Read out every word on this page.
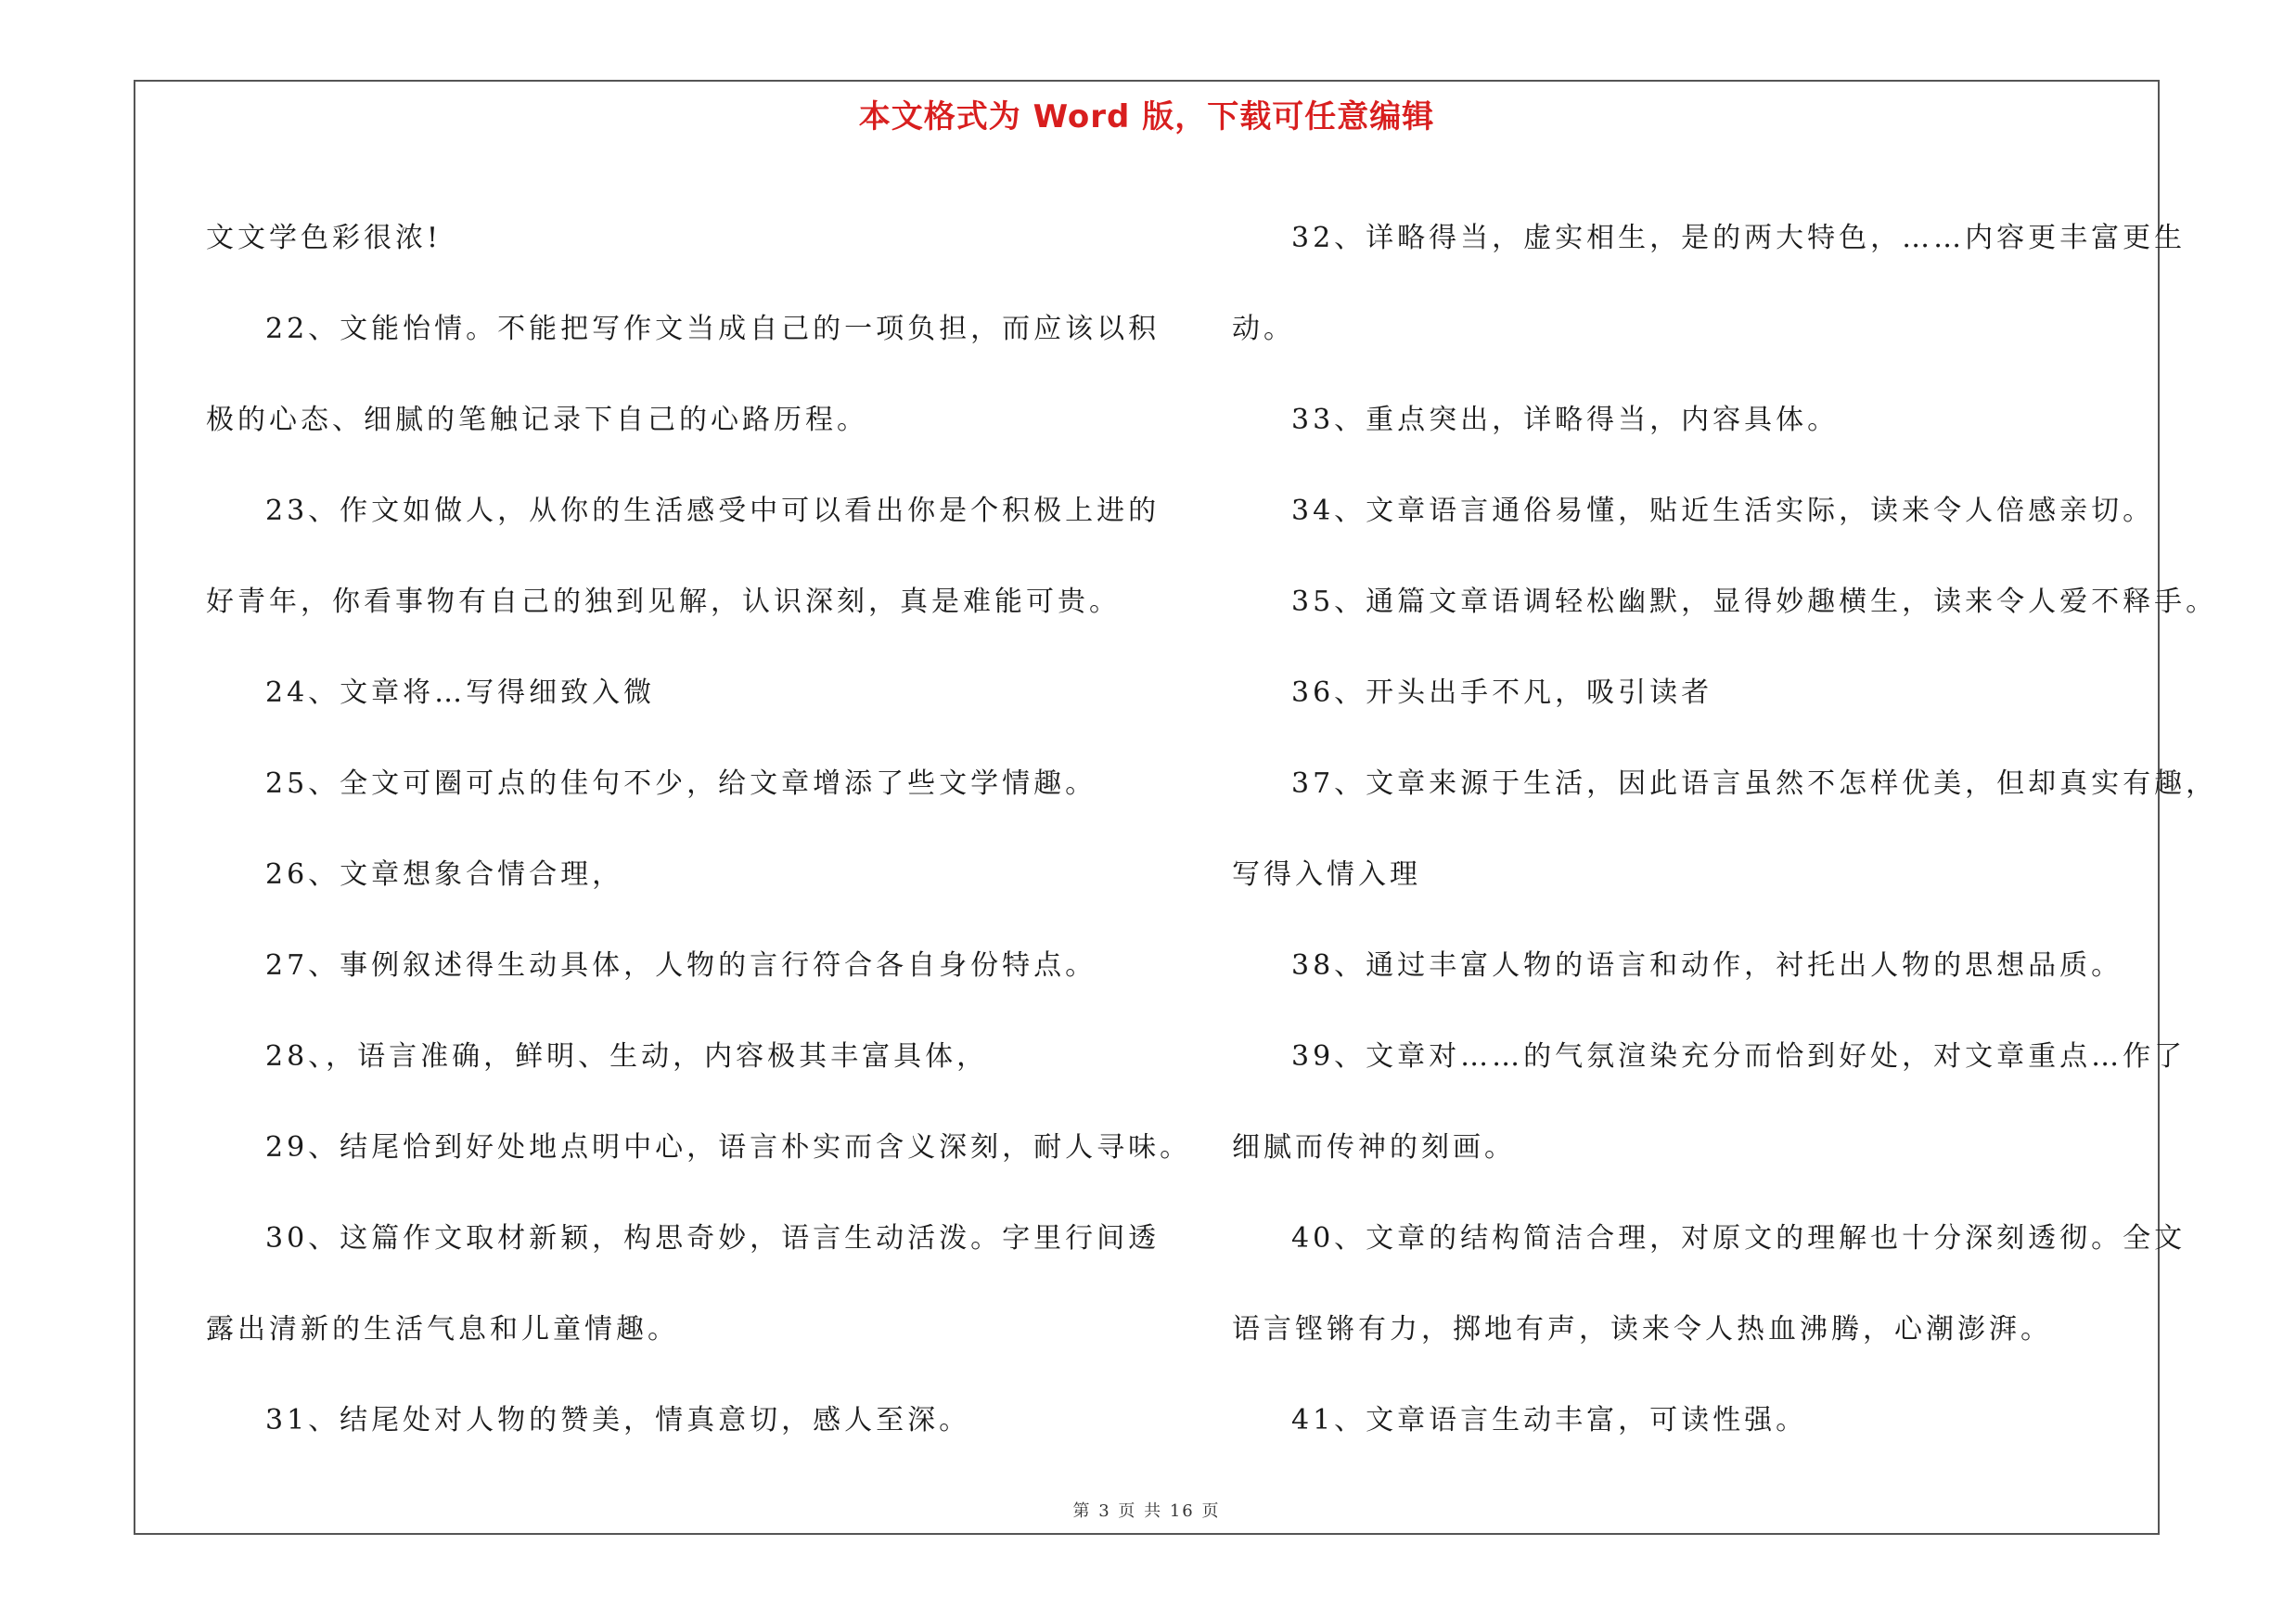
本文格式为 Word 版，下载可任意编辑

文文学色彩很浓!

22、文能怡情。不能把写作文当成自己的一项负担，而应该以积

极的心态、细腻的笔触记录下自己的心路历程。

23、作文如做人，从你的生活感受中可以看出你是个积极上进的

好青年，你看事物有自己的独到见解，认识深刻，真是难能可贵。

24、文章将…写得细致入微

25、全文可圈可点的佳句不少，给文章增添了些文学情趣。

26、文章想象合情合理，

27、事例叙述得生动具体，人物的言行符合各自身份特点。

28、，语言准确，鲜明、生动，内容极其丰富具体，

29、结尾恰到好处地点明中心，语言朴实而含义深刻，耐人寻味。

30、这篇作文取材新颖，构思奇妙，语言生动活泼。字里行间透

露出清新的生活气息和儿童情趣。

31、结尾处对人物的赞美，情真意切，感人至深。

32、详略得当，虚实相生，是的两大特色，……内容更丰富更生

动。

33、重点突出，详略得当，内容具体。

34、文章语言通俗易懂，贴近生活实际，读来令人倍感亲切。

35、通篇文章语调轻松幽默，显得妙趣横生，读来令人爱不释手。

36、开头出手不凡，吸引读者

37、文章来源于生活，因此语言虽然不怎样优美，但却真实有趣，

写得入情入理

38、通过丰富人物的语言和动作，衬托出人物的思想品质。

39、文章对……的气氛渲染充分而恰到好处，对文章重点…作了

细腻而传神的刻画。

40、文章的结构简洁合理，对原文的理解也十分深刻透彻。全文

语言铿锵有力，掷地有声，读来令人热血沸腾，心潮澎湃。

41、文章语言生动丰富，可读性强。

第 3 页 共 16 页
